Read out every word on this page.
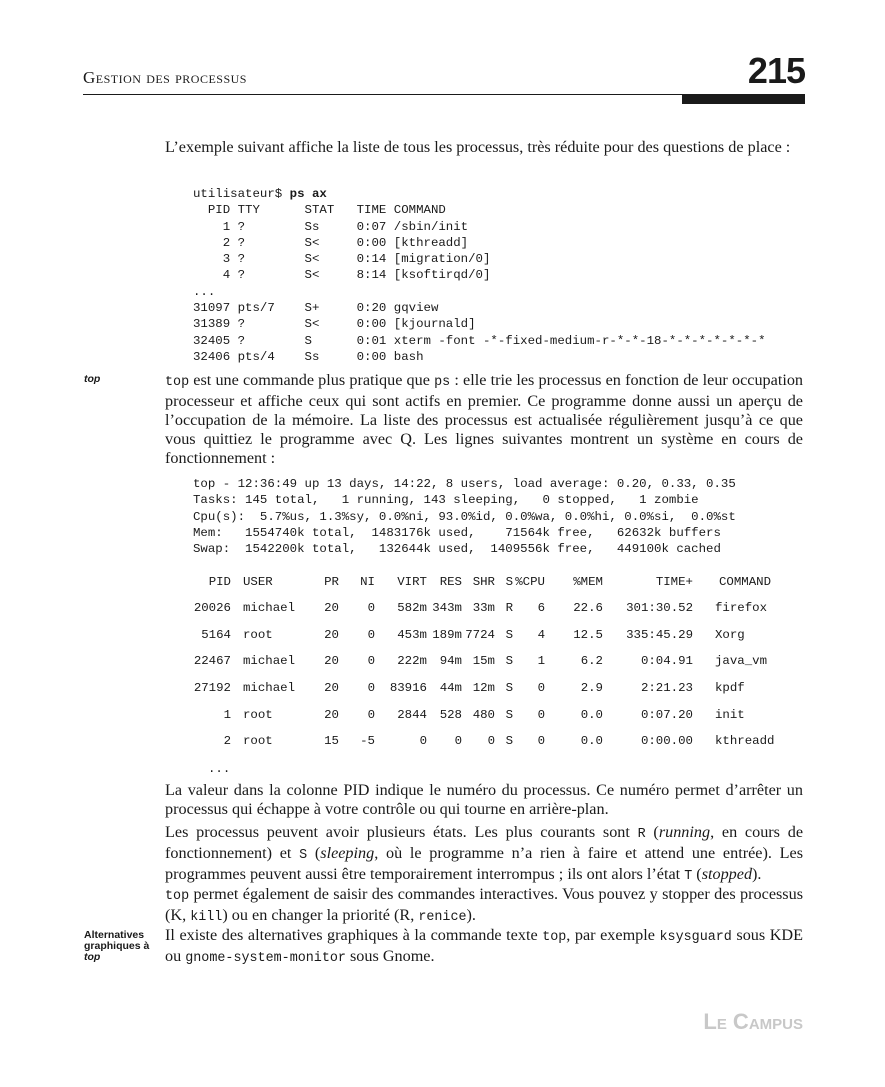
Gestion des processus	215

L’exemple suivant affiche la liste de tous les processus, très réduite pour des questions de place :

utilisateur$ ps ax
PID TTY      STAT   TIME COMMAND
1 ?        Ss     0:07 /sbin/init
2 ?        S<     0:00 [kthreadd]
3 ?        S<     0:14 [migration/0]
4 ?        S<     8:14 [ksoftirqd/0]
...
31097 pts/7    S+     0:20 gqview
31389 ?        S<     0:00 [kjournald]
32405 ?        S      0:01 xterm -font -*-fixed-medium-r-*-*-18-*-*-*-*-*-*-*
32406 pts/4    Ss     0:00 bash
top	top est une commande plus pratique que ps : elle trie les processus en fonction de leur occupation processeur et affiche ceux qui sont actifs en premier. Ce programme donne aussi un aperçu de l’occupation de la mémoire. La liste des processus est actualisée régulièrement jusqu’à ce que vous quittiez le programme avec Q. Les lignes suivantes montrent un système en cours de fonctionnement :

top - 12:36:49 up 13 days, 14:22, 8 users, load average: 0.20, 0.33, 0.35
Tasks: 145 total,   1 running, 143 sleeping,   0 stopped,   1 zombie
Cpu(s):  5.7%us, 1.3%sy, 0.0%ni, 93.0%id, 0.0%wa, 0.0%hi, 0.0%si,  0.0%st
Mem:   1554740k total,  1483176k used,    71564k free,   62632k buffers
Swap:  1542200k total,   132644k used,  1409556k free,   449100k cached
PID	USER	PR	NI	VIRT	RES	SHR	S	%CPU	%MEM	TIME+	COMMAND
20026	michael	20	0	582m	343m	33m	R	6	22.6	301:30.52	firefox
5164	root	20	0	453m	189m	7724	S	4	12.5	335:45.29	Xorg
22467	michael	20	0	222m	94m	15m	S	1	6.2	0:04.91	java_vm
27192	michael	20	0	83916	44m	12m	S	0	2.9	2:21.23	kpdf
1	root	20	0	2844	528	480	S	0	0.0	0:07.20	init
2	root	15	-5	0	0	0	S	0	0.0	0:00.00	kthreadd
...

La valeur dans la colonne PID indique le numéro du processus. Ce numéro permet d’arrêter un processus qui échappe à votre contrôle ou qui tourne en arrière-plan.

Les processus peuvent avoir plusieurs états. Les plus courants sont R (running, en cours de fonctionnement) et S (sleeping, où le programme n’a rien à faire et attend une entrée). Les programmes peuvent aussi être temporairement interrompus ; ils ont alors l’état T (stopped).

top permet également de saisir des commandes interactives. Vous pouvez y stopper des processus (K, kill) ou en changer la priorité (R, renice).

Alternatives
graphiques à
top

Il existe des alternatives graphiques à la commande texte top, par exemple ksysguard sous KDE ou gnome-system-monitor sous Gnome.

Le Campus
